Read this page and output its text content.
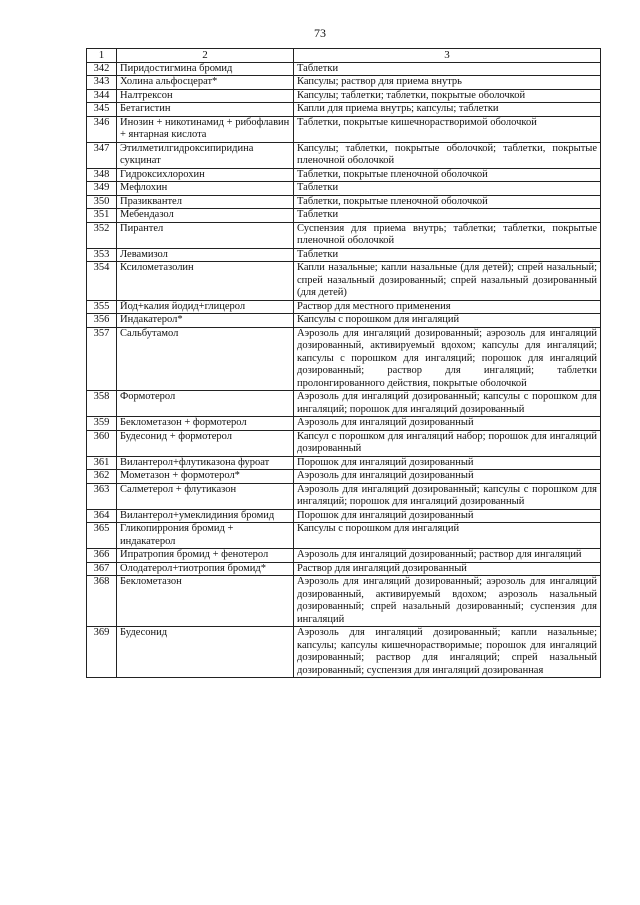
73
1	2	3
342	Пиридостигмина бромид	Таблетки
343	Холина альфосцерат*	Капсулы; раствор для приема внутрь
344	Налтрексон	Капсулы; таблетки; таблетки, покрытые оболочкой
345	Бетагистин	Капли для приема внутрь; капсулы; таблетки
346	Инозин + никотинамид + рибофлавин + янтарная кислота	Таблетки, покрытые кишечнорастворимой оболочкой
347	Этилметилгидроксипиридина сукцинат	Капсулы; таблетки, покрытые оболочкой; таблетки, покрытые пленочной оболочкой
348	Гидроксихлорохин	Таблетки, покрытые пленочной оболочкой
349	Мефлохин	Таблетки
350	Празиквантел	Таблетки, покрытые пленочной оболочкой
351	Мебендазол	Таблетки
352	Пирантел	Суспензия для приема внутрь; таблетки; таблетки, покрытые пленочной оболочкой
353	Левамизол	Таблетки
354	Ксилометазолин	Капли назальные; капли назальные (для детей); спрей назальный; спрей назальный дозированный; спрей назальный дозированный (для детей)
355	Йод+калия йодид+глицерол	Раствор для местного применения
356	Индакатерол*	Капсулы с порошком для ингаляций
357	Сальбутамол	Аэрозоль для ингаляций дозированный; аэрозоль для ингаляций дозированный, активируемый вдохом; капсулы для ингаляций; капсулы с порошком для ингаляций; порошок для ингаляций дозированный; раствор для ингаляций; таблетки пролонгированного действия, покрытые оболочкой
358	Формотерол	Аэрозоль для ингаляций дозированный; капсулы с порошком для ингаляций; порошок для ингаляций дозированный
359	Беклометазон + формотерол	Аэрозоль для ингаляций дозированный
360	Будесонид + формотерол	Капсул с порошком для ингаляций набор; порошок для ингаляций дозированный
361	Вилантерол+флутиказона фуроат	Порошок для ингаляций дозированный
362	Мометазон + формотерол*	Аэрозоль для ингаляций дозированный
363	Салметерол + флутиказон	Аэрозоль для ингаляций дозированный; капсулы с порошком для ингаляций; порошок для ингаляций дозированный
364	Вилантерол+умеклидиния бромид	Порошок для ингаляций дозированный
365	Гликопиррония бромид + индакатерол	Капсулы с порошком для ингаляций
366	Ипратропия бромид + фенотерол	Аэрозоль для ингаляций дозированный; раствор для ингаляций
367	Олодатерол+тиотропия бромид*	Раствор для ингаляций дозированный
368	Беклометазон	Аэрозоль для ингаляций дозированный; аэрозоль для ингаляций дозированный, активируемый вдохом; аэрозоль назальный дозированный; спрей назальный дозированный; суспензия для ингаляций
369	Будесонид	Аэрозоль для ингаляций дозированный; капли назальные; капсулы; капсулы кишечнорастворимые; порошок для ингаляций дозированный; раствор для ингаляций; спрей назальный дозированный; суспензия для ингаляций дозированная
